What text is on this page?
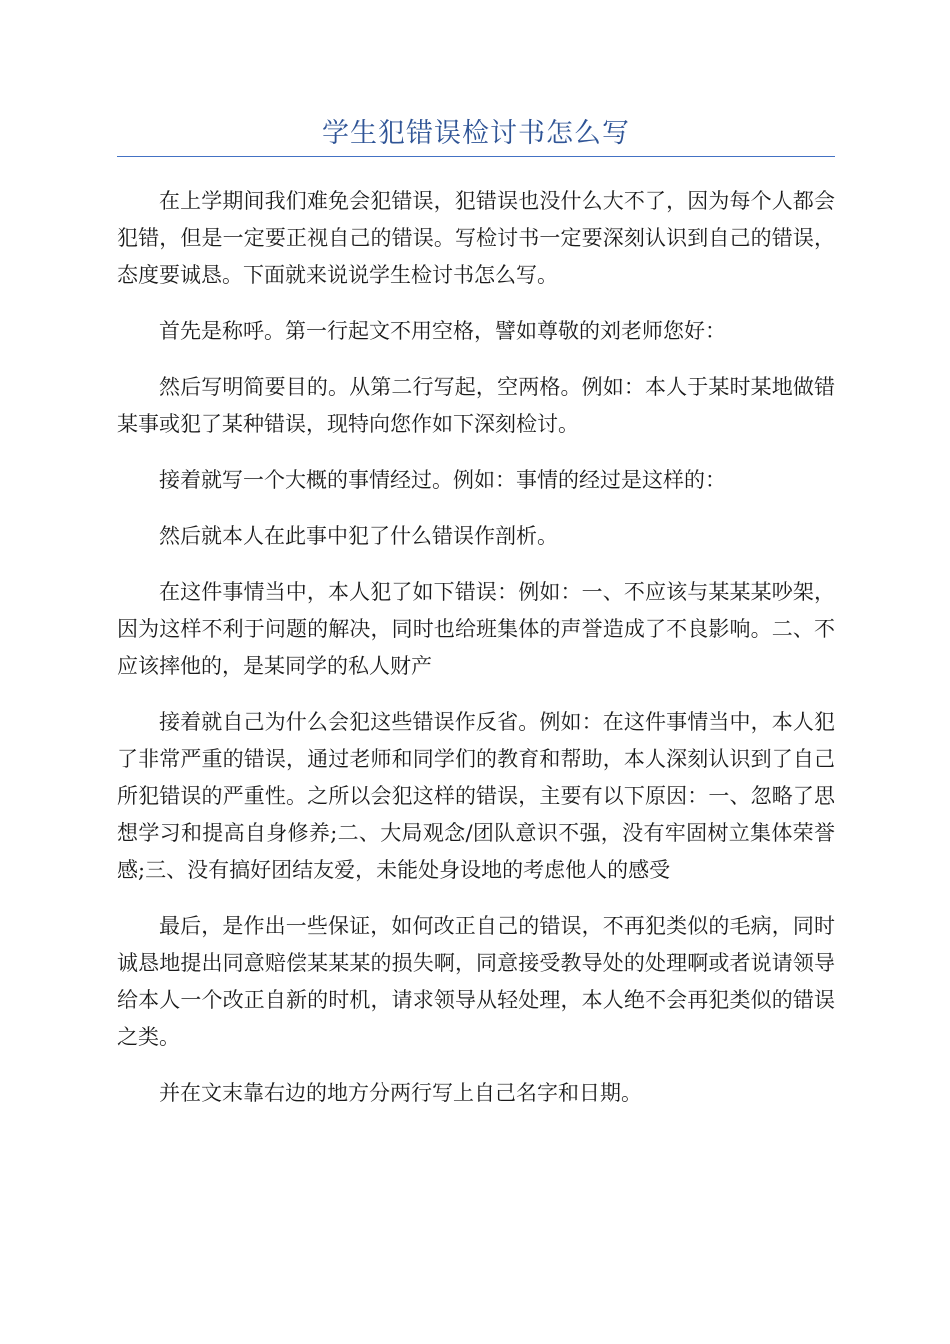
学生犯错误检讨书怎么写

在上学期间我们难免会犯错误，犯错误也没什么大不了，因为每个人都会犯错，但是一定要正视自己的错误。写检讨书一定要深刻认识到自己的错误，态度要诚恳。下面就来说说学生检讨书怎么写。

首先是称呼。第一行起文不用空格，譬如尊敬的刘老师您好：

然后写明简要目的。从第二行写起，空两格。例如：本人于某时某地做错某事或犯了某种错误，现特向您作如下深刻检讨。

接着就写一个大概的事情经过。例如：事情的经过是这样的：

然后就本人在此事中犯了什么错误作剖析。

在这件事情当中，本人犯了如下错误：例如：一、不应该与某某某吵架，因为这样不利于问题的解决，同时也给班集体的声誉造成了不良影响。二、不应该摔他的，是某同学的私人财产

接着就自己为什么会犯这些错误作反省。例如：在这件事情当中，本人犯了非常严重的错误，通过老师和同学们的教育和帮助，本人深刻认识到了自己所犯错误的严重性。之所以会犯这样的错误，主要有以下原因：一、忽略了思想学习和提高自身修养;二、大局观念/团队意识不强，没有牢固树立集体荣誉感;三、没有搞好团结友爱，未能处身设地的考虑他人的感受

最后，是作出一些保证，如何改正自己的错误，不再犯类似的毛病，同时诚恳地提出同意赔偿某某某的损失啊，同意接受教导处的处理啊或者说请领导给本人一个改正自新的时机，请求领导从轻处理，本人绝不会再犯类似的错误之类。

并在文末靠右边的地方分两行写上自己名字和日期。
